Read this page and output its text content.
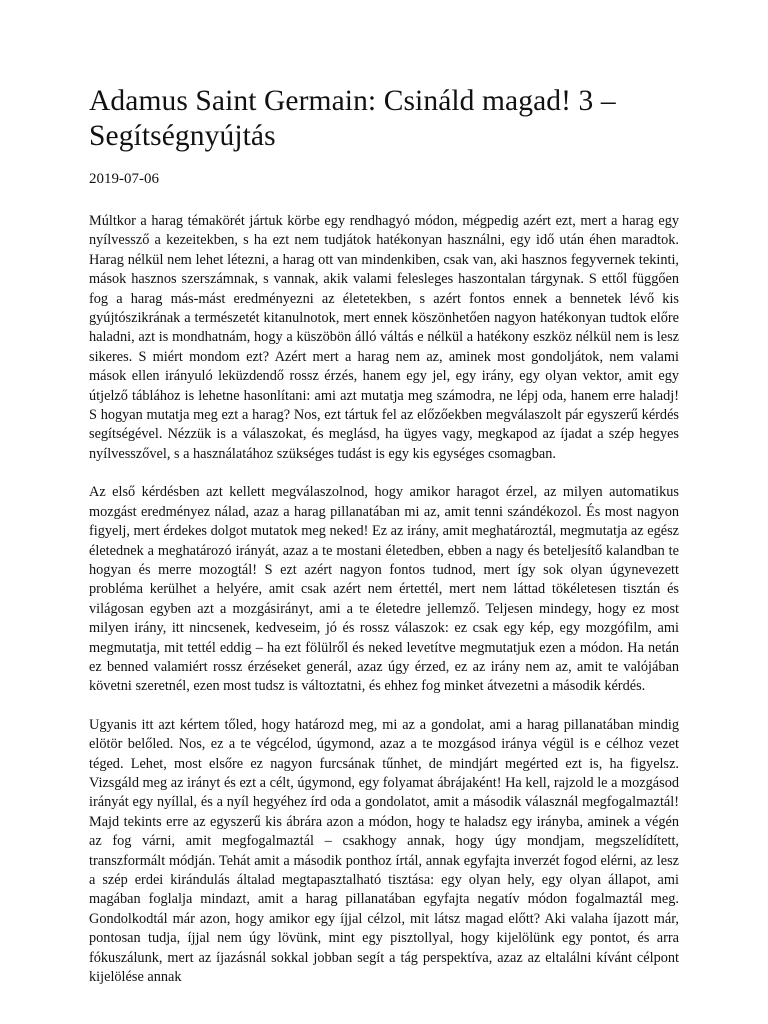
Adamus Saint Germain: Csináld magad! 3 – Segítségnyújtás
2019-07-06

Múltkor a harag témakörét jártuk körbe egy rendhagyó módon, mégpedig azért ezt, mert a harag egy nyílvessző a kezeitekben, s ha ezt nem tudjátok hatékonyan használni, egy idő után éhen maradtok. Harag nélkül nem lehet létezni, a harag ott van mindenkiben, csak van, aki hasznos fegyvernek tekinti, mások hasznos szerszámnak, s vannak, akik valami felesleges haszontalan tárgynak. S ettől függően fog a harag más-mást eredményezni az életetekben, s azért fontos ennek a bennetek lévő kis gyújtószikrának a természetét kitanulnotok, mert ennek köszönhetően nagyon hatékonyan tudtok előre haladni, azt is mondhatnám, hogy a küszöbön álló váltás e nélkül a hatékony eszköz nélkül nem is lesz sikeres. S miért mondom ezt? Azért mert a harag nem az, aminek most gondoljátok, nem valami mások ellen irányuló leküzdendő rossz érzés, hanem egy jel, egy irány, egy olyan vektor, amit egy útjelző táblához is lehetne hasonlítani: ami azt mutatja meg számodra, ne lépj oda, hanem erre haladj! S hogyan mutatja meg ezt a harag? Nos, ezt tártuk fel az előzőekben megválaszolt pár egyszerű kérdés segítségével. Nézzük is a válaszokat, és meglásd, ha ügyes vagy, megkapod az íjadat a szép hegyes nyílvesszővel, s a használatához szükséges tudást is egy kis egységes csomagban.

Az első kérdésben azt kellett megválaszolnod, hogy amikor haragot érzel, az milyen automatikus mozgást eredményez nálad, azaz a harag pillanatában mi az, amit tenni szándékozol. És most nagyon figyelj, mert érdekes dolgot mutatok meg neked! Ez az irány, amit meghatároztál, megmutatja az egész életednek a meghatározó irányát, azaz a te mostani életedben, ebben a nagy és beteljesítő kalandban te hogyan és merre mozogtál! S ezt azért nagyon fontos tudnod, mert így sok olyan úgynevezett probléma kerülhet a helyére, amit csak azért nem értettél, mert nem láttad tökéletesen tisztán és világosan egyben azt a mozgásirányt, ami a te életedre jellemző. Teljesen mindegy, hogy ez most milyen irány, itt nincsenek, kedveseim, jó és rossz válaszok: ez csak egy kép, egy mozgófilm, ami megmutatja, mit tettél eddig – ha ezt fölülről és neked levetítve megmutatjuk ezen a módon. Ha netán ez benned valamiért rossz érzéseket generál, azaz úgy érzed, ez az irány nem az, amit te valójában követni szeretnél, ezen most tudsz is változtatni, és ehhez fog minket átvezetni a második kérdés.

Ugyanis itt azt kértem tőled, hogy határozd meg, mi az a gondolat, ami a harag pillanatában mindig elötör belőled. Nos, ez a te végcélod, úgymond, azaz a te mozgásod iránya végül is e célhoz vezet téged. Lehet, most elsőre ez nagyon furcsának tűnhet, de mindjárt megérted ezt is, ha figyelsz. Vizsgáld meg az irányt és ezt a célt, úgymond, egy folyamat ábrájaként! Ha kell, rajzold le a mozgásod irányát egy nyíllal, és a nyíl hegyéhez írd oda a gondolatot, amit a második válasznál megfogalmaztál! Majd tekints erre az egyszerű kis ábrára azon a módon, hogy te haladsz egy irányba, aminek a végén az fog várni, amit megfogalmaztál – csakhogy annak, hogy úgy mondjam, megszelídített, transzformált módján. Tehát amit a második ponthoz írtál, annak egyfajta inverzét fogod elérni, az lesz a szép erdei kirándulás általad megtapasztalható tisztása: egy olyan hely, egy olyan állapot, ami magában foglalja mindazt, amit a harag pillanatában egyfajta negatív módon fogalmaztál meg. Gondolkodtál már azon, hogy amikor egy íjjal célzol, mit látsz magad előtt? Aki valaha íjazott már, pontosan tudja, íjjal nem úgy lövünk, mint egy pisztollyal, hogy kijelölünk egy pontot, és arra fókuszálunk, mert az íjazásnál sokkal jobban segít a tág perspektíva, azaz az eltalálni kívánt célpont kijelölése annak
